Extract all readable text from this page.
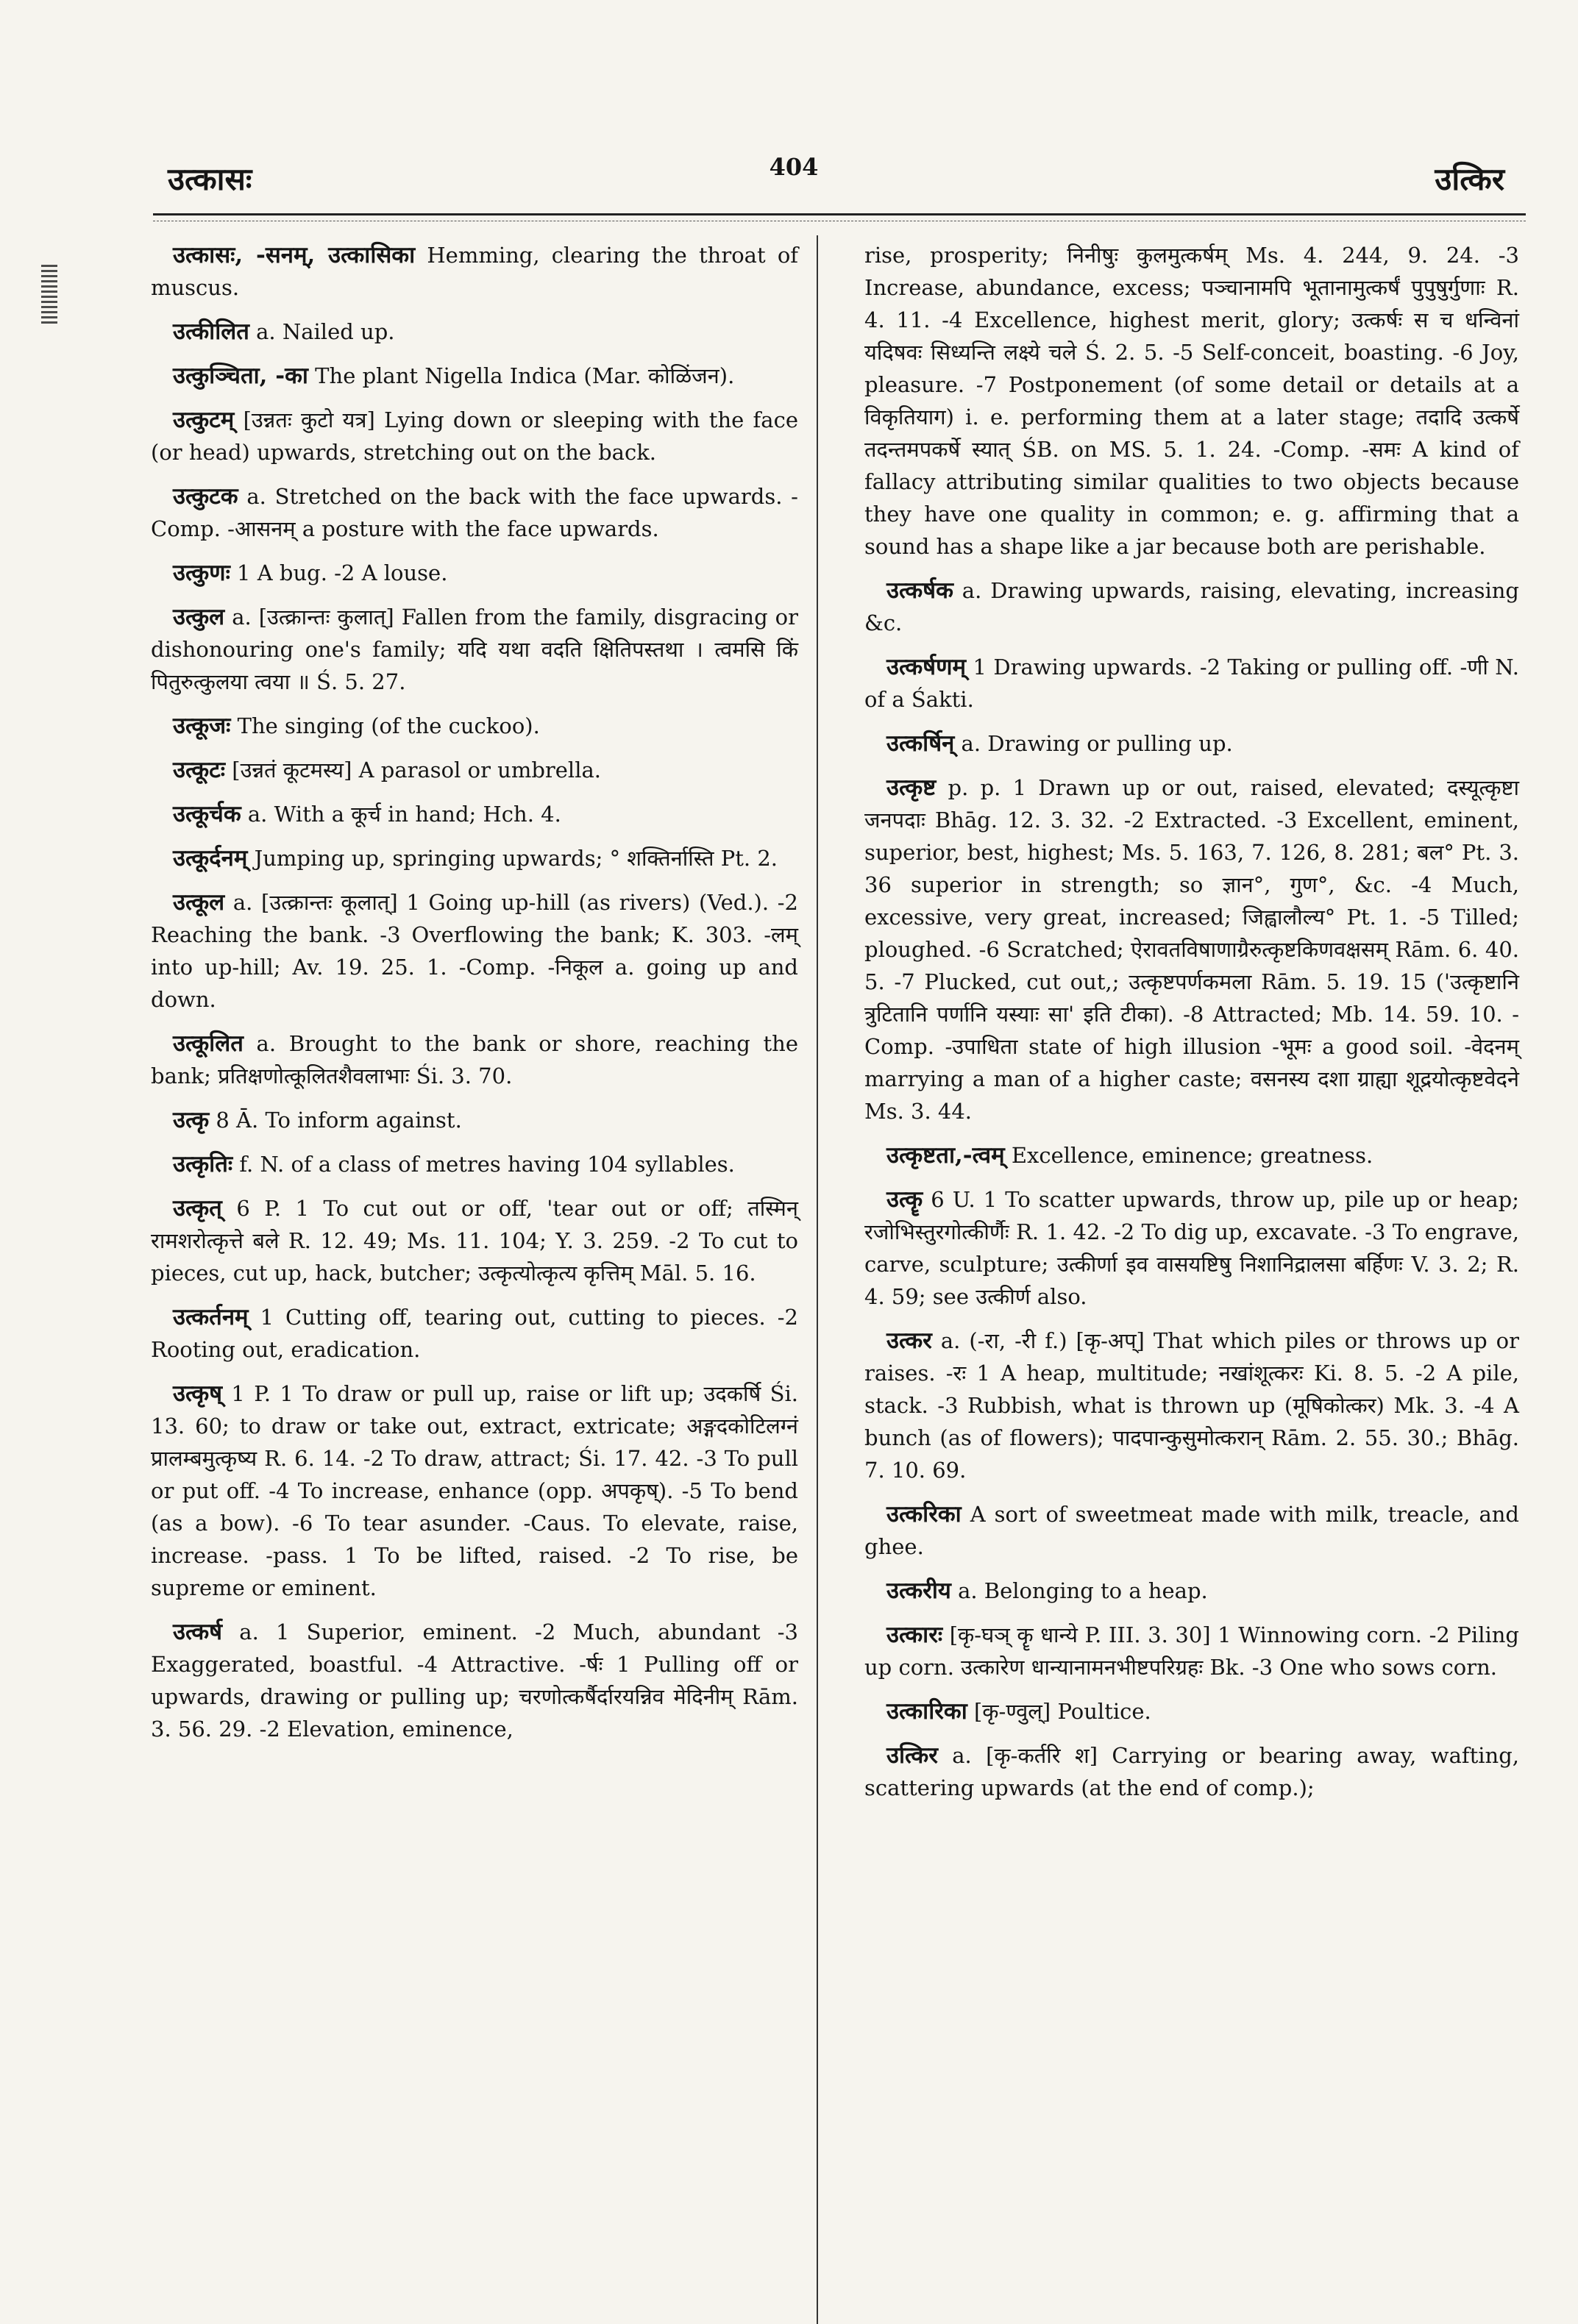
उत्कासः	404	उत्किर

उत्कासः, -सनम्, उत्कासिका Hemming, clearing the throat of muscus.

उत्कीलित a. Nailed up.

उत्कुञ्चिता, -का The plant Nigella Indica (Mar. कोळिंजन).

उत्कुटम् [उन्नतः कुटो यत्र] Lying down or sleeping with the face (or head) upwards, stretching out on the back.

उत्कुटक a. Stretched on the back with the face upwards. -Comp. -आसनम् a posture with the face upwards.

उत्कुणः 1 A bug. -2 A louse.

उत्कुल a. [उत्क्रान्तः कुलात्] Fallen from the family, disgracing or dishonouring one's family; यदि यथा वदति क्षितिपस्तथा । त्वमसि किं पितुरुत्कुलया त्वया ॥ Ś. 5. 27.

उत्कूजः The singing (of the cuckoo).

उत्कूटः [उन्नतं कूटमस्य] A parasol or umbrella.

उत्कूर्चक a. With a कूर्च in hand; Hch. 4.

उत्कूर्दनम् Jumping up, springing upwards; ° शक्तिर्नास्ति Pt. 2.

उत्कूल a. [उत्क्रान्तः कूलात्] 1 Going up-hill (as rivers) (Ved.). -2 Reaching the bank. -3 Overflowing the bank; K. 303. -लम् into up-hill; Av. 19. 25. 1. -Comp. -निकूल a. going up and down.

उत्कूलित a. Brought to the bank or shore, reaching the bank; प्रतिक्षणोत्कूलितशैवलाभाः Śi. 3. 70.

उत्कृ 8 Ā. To inform against.

उत्कृतिः f. N. of a class of metres having 104 syllables.

उत्कृत् 6 P. 1 To cut out or off, 'tear out or off; तस्मिन् रामशरोत्कृत्ते बले R. 12. 49; Ms. 11. 104; Y. 3. 259. -2 To cut to pieces, cut up, hack, butcher; उत्कृत्योत्कृत्य कृत्तिम् Māl. 5. 16.

उत्कर्तनम् 1 Cutting off, tearing out, cutting to pieces. -2 Rooting out, eradication.

उत्कृष् 1 P. 1 To draw or pull up, raise or lift up; उदकर्षि Śi. 13. 60; to draw or take out, extract, extricate; अङ्गदकोटिलग्नं प्रालम्बमुत्कृष्य R. 6. 14. -2 To draw, attract; Śi. 17. 42. -3 To pull or put off. -4 To increase, enhance (opp. अपकृष्). -5 To bend (as a bow). -6 To tear asunder. -Caus. To elevate, raise, increase. -pass. 1 To be lifted, raised. -2 To rise, be supreme or eminent.

उत्कर्ष a. 1 Superior, eminent. -2 Much, abundant -3 Exaggerated, boastful. -4 Attractive. -र्षः 1 Pulling off or upwards, drawing or pulling up; चरणोत्कर्षैर्दारयन्निव मेदिनीम् Rām. 3. 56. 29. -2 Elevation, eminence,

rise, prosperity; निनीषुः कुलमुत्कर्षम् Ms. 4. 244, 9. 24. -3 Increase, abundance, excess; पञ्चानामपि भूतानामुत्कर्षं पुपुषुर्गुणाः R. 4. 11. -4 Excellence, highest merit, glory; उत्कर्षः स च धन्विनां यदिषवः सिध्यन्ति लक्ष्ये चले Ś. 2. 5. -5 Self-conceit, boasting. -6 Joy, pleasure. -7 Postponement (of some detail or details at a विकृतियाग) i. e. performing them at a later stage; तदादि उत्कर्षे तदन्तमपकर्षे स्यात् ŚB. on MS. 5. 1. 24. -Comp. -समः A kind of fallacy attributing similar qualities to two objects because they have one quality in common; e. g. affirming that a sound has a shape like a jar because both are perishable.

उत्कर्षक a. Drawing upwards, raising, elevating, increasing &c.

उत्कर्षणम् 1 Drawing upwards. -2 Taking or pulling off. -णी N. of a Śakti.

उत्कर्षिन् a. Drawing or pulling up.

उत्कृष्ट p. p. 1 Drawn up or out, raised, elevated; दस्यूत्कृष्टा जनपदाः Bhāg. 12. 3. 32. -2 Extracted. -3 Excellent, eminent, superior, best, highest; Ms. 5. 163, 7. 126, 8. 281; बल° Pt. 3. 36 superior in strength; so ज्ञान°, गुण°, &c. -4 Much, excessive, very great, increased; जिह्वालौल्य° Pt. 1. -5 Tilled; ploughed. -6 Scratched; ऐरावतविषाणाग्रैरुत्कृष्टकिणवक्षसम् Rām. 6. 40. 5. -7 Plucked, cut out,; उत्कृष्टपर्णकमला Rām. 5. 19. 15 ('उत्कृष्टानि त्रुटितानि पर्णानि यस्याः सा' इति टीका). -8 Attracted; Mb. 14. 59. 10. -Comp. -उपाधिता state of high illusion -भूमः a good soil. -वेदनम् marrying a man of a higher caste; वसनस्य दशा ग्राह्या शूद्रयोत्कृष्टवेदने Ms. 3. 44.

उत्कृष्टता,-त्वम् Excellence, eminence; greatness.

उत्कॄ 6 U. 1 To scatter upwards, throw up, pile up or heap; रजोभिस्तुरगोत्कीर्णैः R. 1. 42. -2 To dig up, excavate. -3 To engrave, carve, sculpture; उत्कीर्णा इव वासयष्टिषु निशानिद्रालसा बर्हिणः V. 3. 2; R. 4. 59; see उत्कीर्ण also.

उत्कर a. (-रा, -री f.) [कृ-अप्] That which piles or throws up or raises. -रः 1 A heap, multitude; नखांशूत्करः Ki. 8. 5. -2 A pile, stack. -3 Rubbish, what is thrown up (मूषिकोत्कर) Mk. 3. -4 A bunch (as of flowers); पादपान्कुसुमोत्करान् Rām. 2. 55. 30.; Bhāg. 7. 10. 69.

उत्करिका A sort of sweetmeat made with milk, treacle, and ghee.

उत्करीय a. Belonging to a heap.

उत्कारः [कृ-घञ् कॄ धान्ये P. III. 3. 30] 1 Winnowing corn. -2 Piling up corn. उत्कारेण धान्यानामनभीष्टपरिग्रहः Bk. -3 One who sows corn.

उत्कारिका [कृ-ण्वुल्] Poultice.

उत्किर a. [कृ-कर्तरि श] Carrying or bearing away, wafting, scattering upwards (at the end of comp.);
